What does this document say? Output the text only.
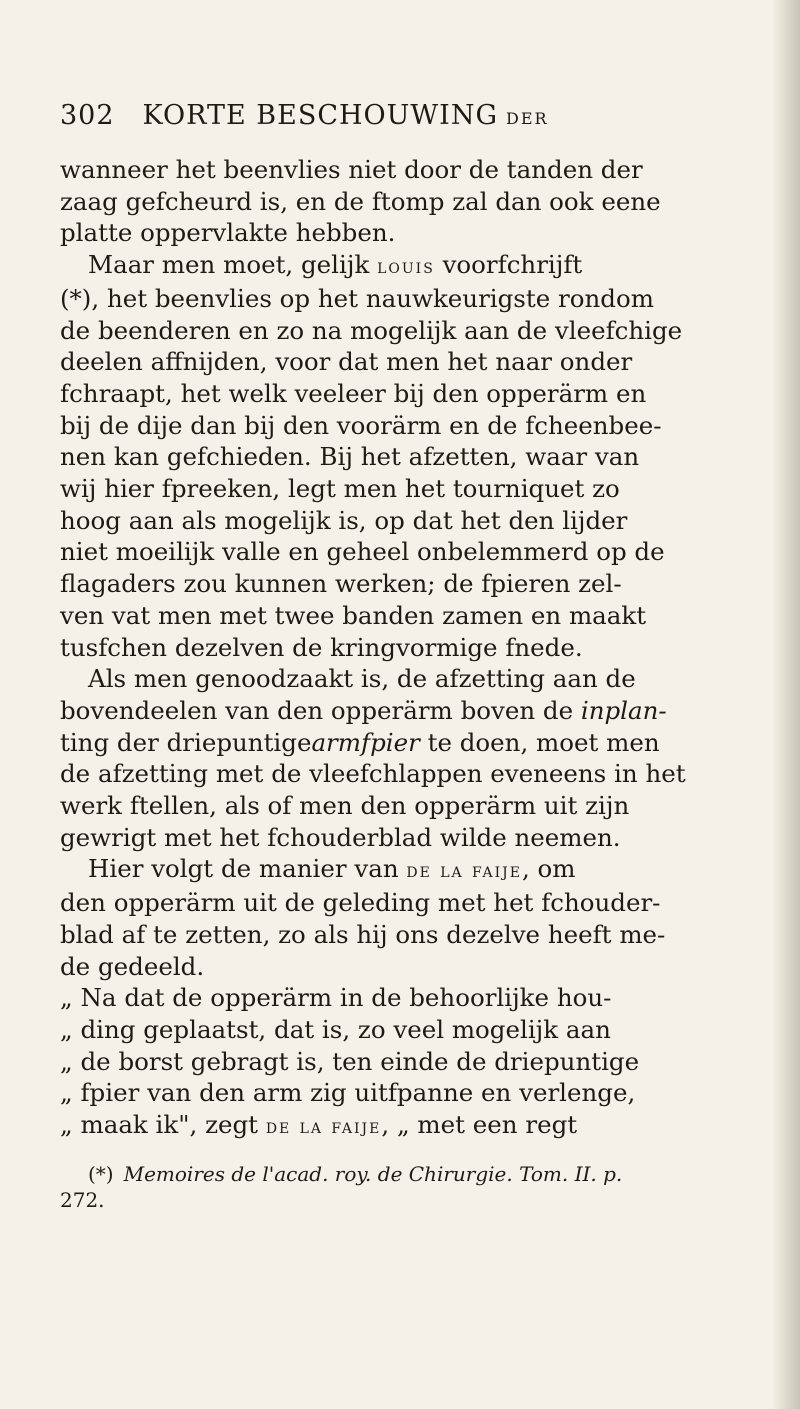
302 KORTE BESCHOUWING DER

wanneer het beenvlies niet door de tanden der
zaag gefcheurd is, en de ftomp zal dan ook eene
platte oppervlakte hebben.

Maar men moet, gelijk louis voorfchrijft
(*), het beenvlies op het nauwkeurigste rondom
de beenderen en zo na mogelijk aan de vleefchige
deelen affnijden, voor dat men het naar onder
fchraapt, het welk veeleer bij den opperärm en
bij de dije dan bij den voorärm en de fcheenbee-
nen kan gefchieden. Bij het afzetten, waar van
wij hier fpreeken, legt men het tourniquet zo
hoog aan als mogelijk is, op dat het den lijder
niet moeilijk valle en geheel onbelemmerd op de
flagaders zou kunnen werken; de fpieren zel-
ven vat men met twee banden zamen en maakt
tusfchen dezelven de kringvormige fnede.

Als men genoodzaakt is, de afzetting aan de
bovendeelen van den opperärm boven de inplan-
ting der driepuntigearmfpier te doen, moet men
de afzetting met de vleefchlappen eveneens in het
werk ftellen, als of men den opperärm uit zijn
gewrigt met het fchouderblad wilde neemen.

Hier volgt de manier van de la faije, om
den opperärm uit de geleding met het fchouder-
blad af te zetten, zo als hij ons dezelve heeft me-
de gedeeld.

„ Na dat de opperärm in de behoorlijke hou-
„ ding geplaatst, dat is, zo veel mogelijk aan
„ de borst gebragt is, ten einde de driepuntige
„ fpier van den arm zig uitfpanne en verlenge,
„ maak ik", zegt de la faije, „ met een regt

(*) Memoires de l'acad. roy. de Chirurgie. Tom. II. p.
272.
